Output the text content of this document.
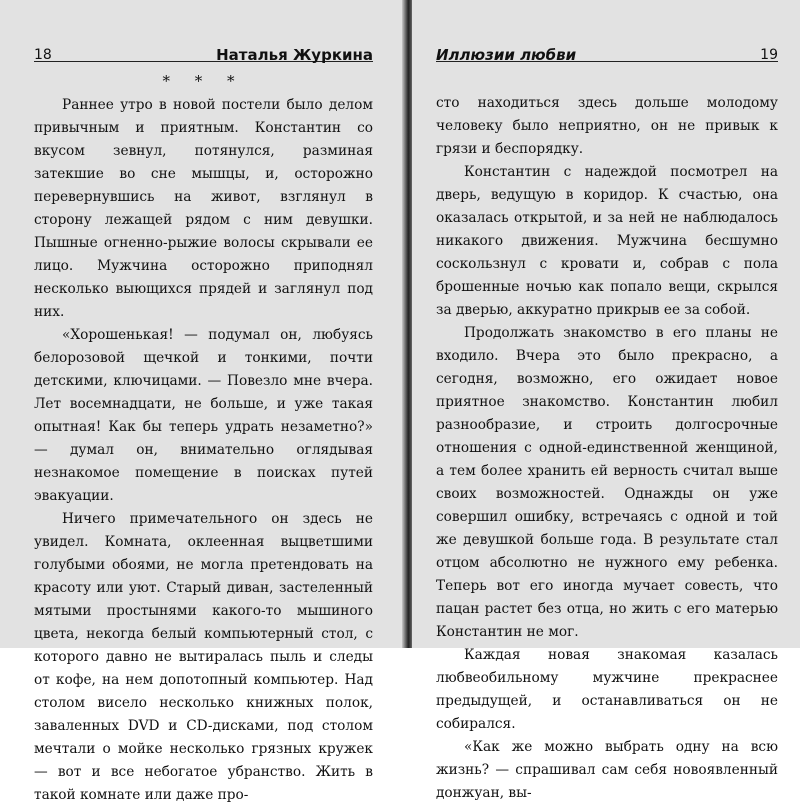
18	Наталья Журкина
* * *

Раннее утро в новой постели было делом привычным и приятным. Константин со вкусом зевнул, потянулся, разминая затекшие во сне мышцы, и, осторожно перевернувшись на живот, взглянул в сторону лежащей рядом с ним девушки. Пышные огненно-рыжие волосы скрывали ее лицо. Мужчина осторожно приподнял несколько выющихся прядей и заглянул под них.

«Хорошенькая! — подумал он, любуясь белорозовой щечкой и тонкими, почти детскими, ключицами. — Повезло мне вчера. Лет восемнадцати, не больше, и уже такая опытная! Как бы теперь удрать незаметно?» — думал он, внимательно оглядывая незнакомое помещение в поисках путей эвакуации.

Ничего примечательного он здесь не увидел. Комната, оклеенная выцветшими голубыми обоями, не могла претендовать на красоту или уют. Старый диван, застеленный мятыми простынями какого-то мышиного цвета, некогда белый компьютерный стол, с которого давно не вытиралась пыль и следы от кофе, на нем допотопный компьютер. Над столом висело несколько книжных полок, заваленных DVD и CD-дисками, под столом мечтали о мойке несколько грязных кружек — вот и все небогатое убранство. Жить в такой комнате или даже про-

Иллюзии любви	19

сто находиться здесь дольше молодому человеку было неприятно, он не привык к грязи и беспорядку.

Константин с надеждой посмотрел на дверь, ведущую в коридор. К счастью, она оказалась открытой, и за ней не наблюдалось никакого движения. Мужчина бесшумно соскользнул с кровати и, собрав с пола брошенные ночью как попало вещи, скрылся за дверью, аккуратно прикрыв ее за собой.

Продолжать знакомство в его планы не входило. Вчера это было прекрасно, а сегодня, возможно, его ожидает новое приятное знакомство. Константин любил разнообразие, и строить долгосрочные отношения с одной-единственной женщиной, а тем более хранить ей верность считал выше своих возможностей. Однажды он уже совершил ошибку, встречаясь с одной и той же девушкой больше года. В результате стал отцом абсолютно не нужного ему ребенка. Теперь вот его иногда мучает совесть, что пацан растет без отца, но жить с его матерью Константин не мог.

Каждая новая знакомая казалась любвеобильному мужчине прекраснее предыдущей, и останавливаться он не собирался.

«Как же можно выбрать одну на всю жизнь? — спрашивал сам себя новоявленный донжуан, вы-
